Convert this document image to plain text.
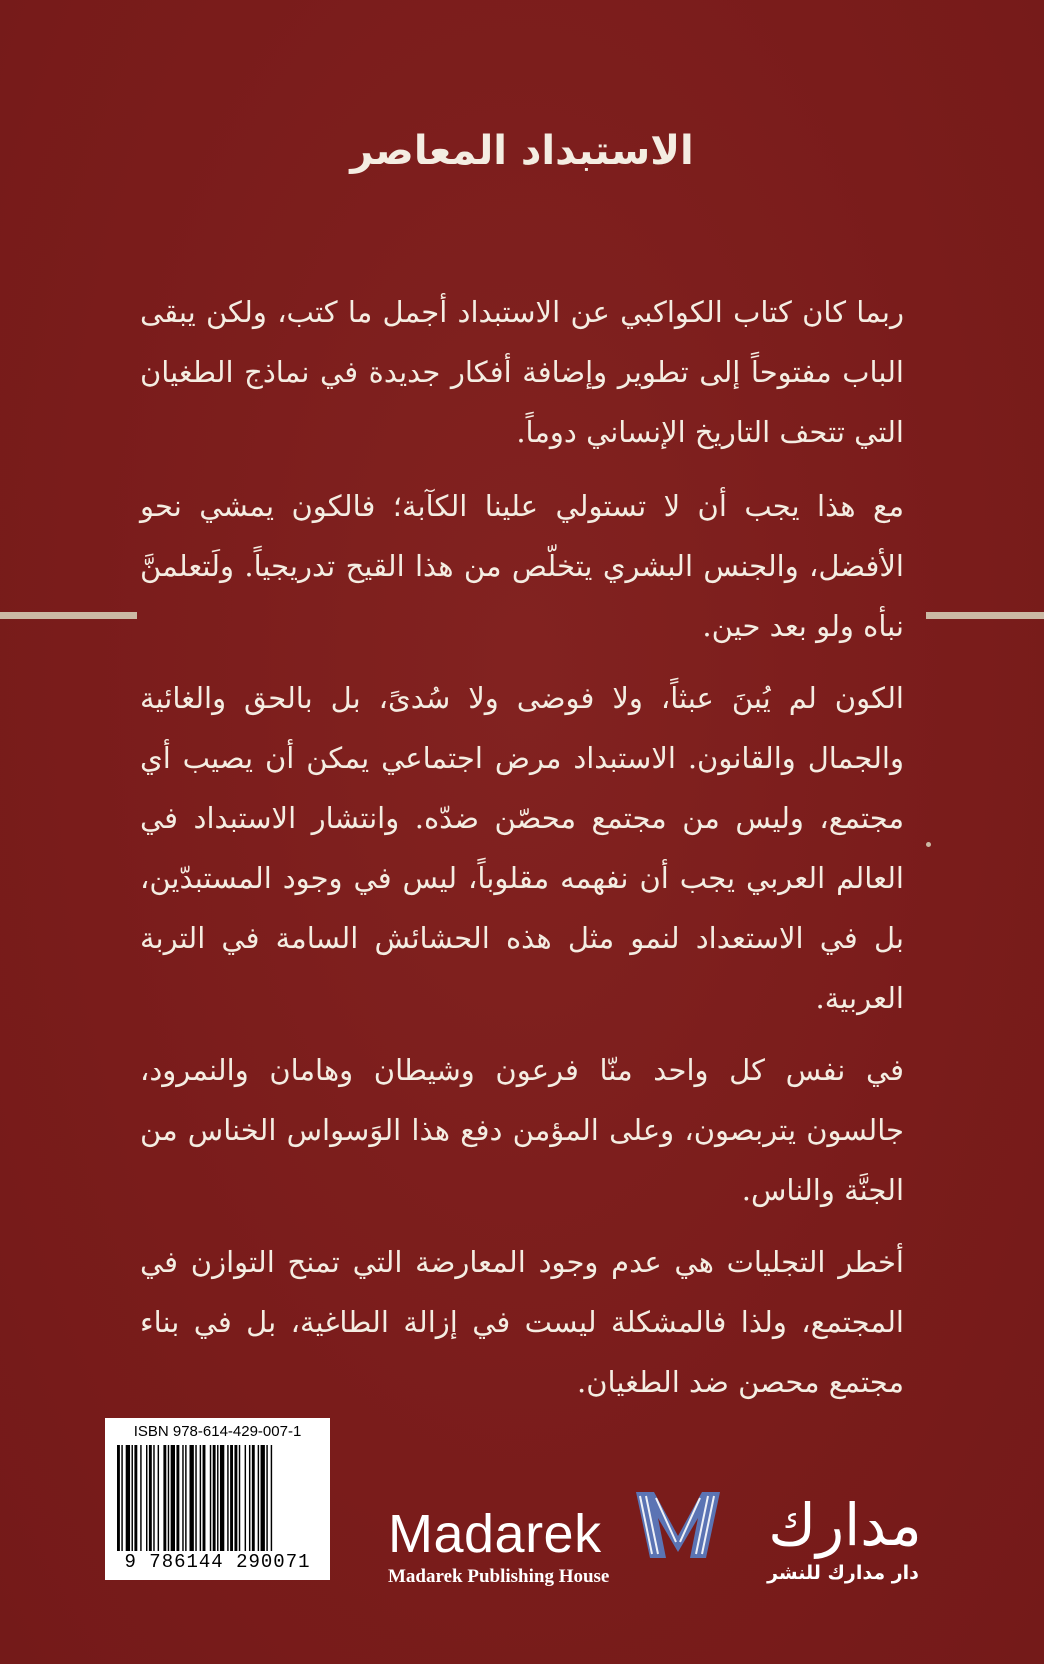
الاستبداد المعاصر

ربما كان كتاب الكواكبي عن الاستبداد أجمل ما كتب، ولكن يبقى الباب مفتوحاً إلى تطوير وإضافة أفكار جديدة في نماذج الطغيان التي تتحف التاريخ الإنساني دوماً.

مع هذا يجب أن لا تستولي علينا الكآبة؛ فالكون يمشي نحو الأفضل، والجنس البشري يتخلّص من هذا القيح تدريجياً. ولَتعلمنَّ نبأه ولو بعد حين.

الكون لم يُبنَ عبثاً، ولا فوضى ولا سُدىً، بل بالحق والغائية والجمال والقانون. الاستبداد مرض اجتماعي يمكن أن يصيب أي مجتمع، وليس من مجتمع محصّن ضدّه. وانتشار الاستبداد في العالم العربي يجب أن نفهمه مقلوباً، ليس في وجود المستبدّين، بل في الاستعداد لنمو مثل هذه الحشائش السامة في التربة العربية.

في نفس كل واحد منّا فرعون وشيطان وهامان والنمرود، جالسون يتربصون، وعلى المؤمن دفع هذا الوَسواس الخناس من الجنَّة والناس.

أخطر التجليات هي عدم وجود المعارضة التي تمنح التوازن في المجتمع، ولذا فالمشكلة ليست في إزالة الطاغية، بل في بناء مجتمع محصن ضد الطغيان.

ISBN 978-614-429-007-1
9 786144 290071 Madarek	مدارك
Madarek Publishing House	دار مدارك للنشر
